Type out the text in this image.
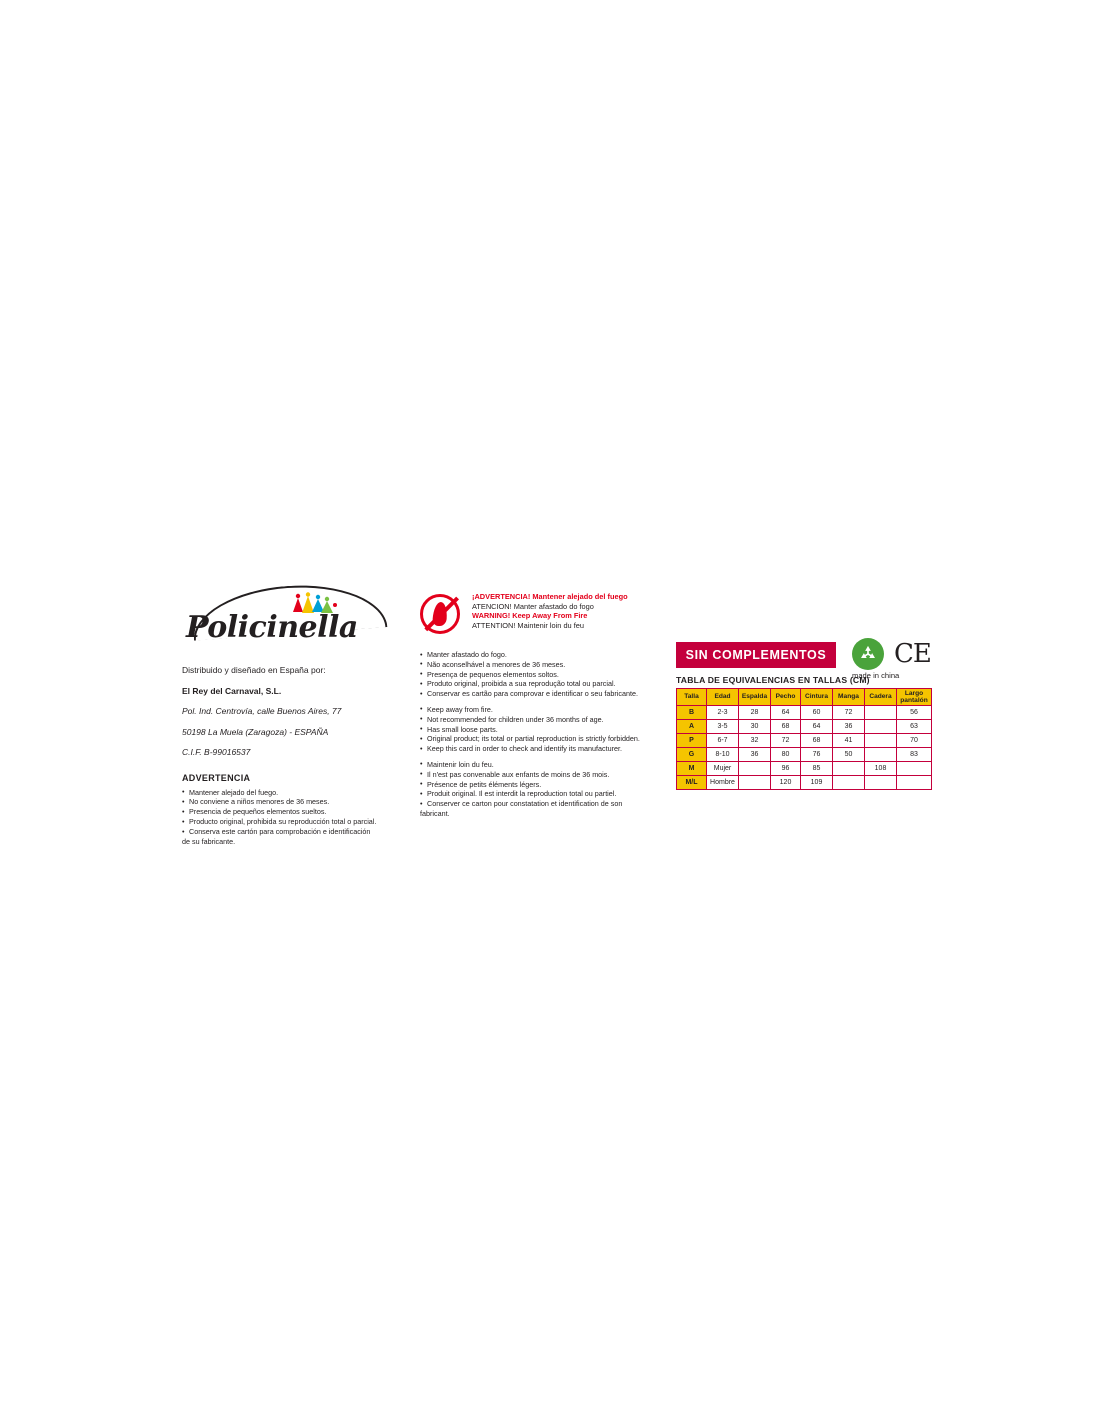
Policinella
Distribuido y diseñado en España por:
El Rey del Carnaval, S.L.
Pol. Ind. Centrovía, calle Buenos Aires, 77
50198 La Muela (Zaragoza) - ESPAÑA
C.I.F. B-99016537
ADVERTENCIA
• Mantener alejado del fuego.
• No conviene a niños menores de 36 meses.
• Presencia de pequeños elementos sueltos.
• Producto original, prohibida su reproducción total o parcial.
• Conserva este cartón para comprobación e identificación
de su fabricante.
¡ADVERTENCIA! Mantener alejado del fuego
ATENCION! Manter afastado do fogo
WARNING! Keep Away From Fire
ATTENTION! Maintenir loin du feu
• Manter afastado do fogo.
• Não aconselhável a menores de 36 meses.
• Presença de pequenos elementos soltos.
• Produto original, proibida a sua reprodução total ou parcial.
• Conservar es cartão para comprovar e identificar o seu fabricante.
• Keep away from fire.
• Not recommended for children under 36 months of age.
• Has small loose parts.
• Original product; its total or partial reproduction is strictly forbidden.
• Keep this card in order to check and identify its manufacturer.
• Maintenir loin du feu.
• Il n'est pas convenable aux enfants de moins de 36 mois.
• Présence de petits éléments légers.
• Produit original. Il est interdit la reproduction total ou partiel.
• Conserver ce carton pour constatation et identification de son
fabricant.
SIN COMPLEMENTOS	CE
made in china
TABLA DE EQUIVALENCIAS EN TALLAS (CM)
Talla	Edad	Espalda	Pecho	Cintura	Manga	Cadera	Largo pantalón
B	2-3	28	64	60	72		56
A	3-5	30	68	64	36		63
P	6-7	32	72	68	41		70
G	8-10	36	80	76	50		83
M	Mujer		96	85		108	
M/L	Hombre		120	109			
